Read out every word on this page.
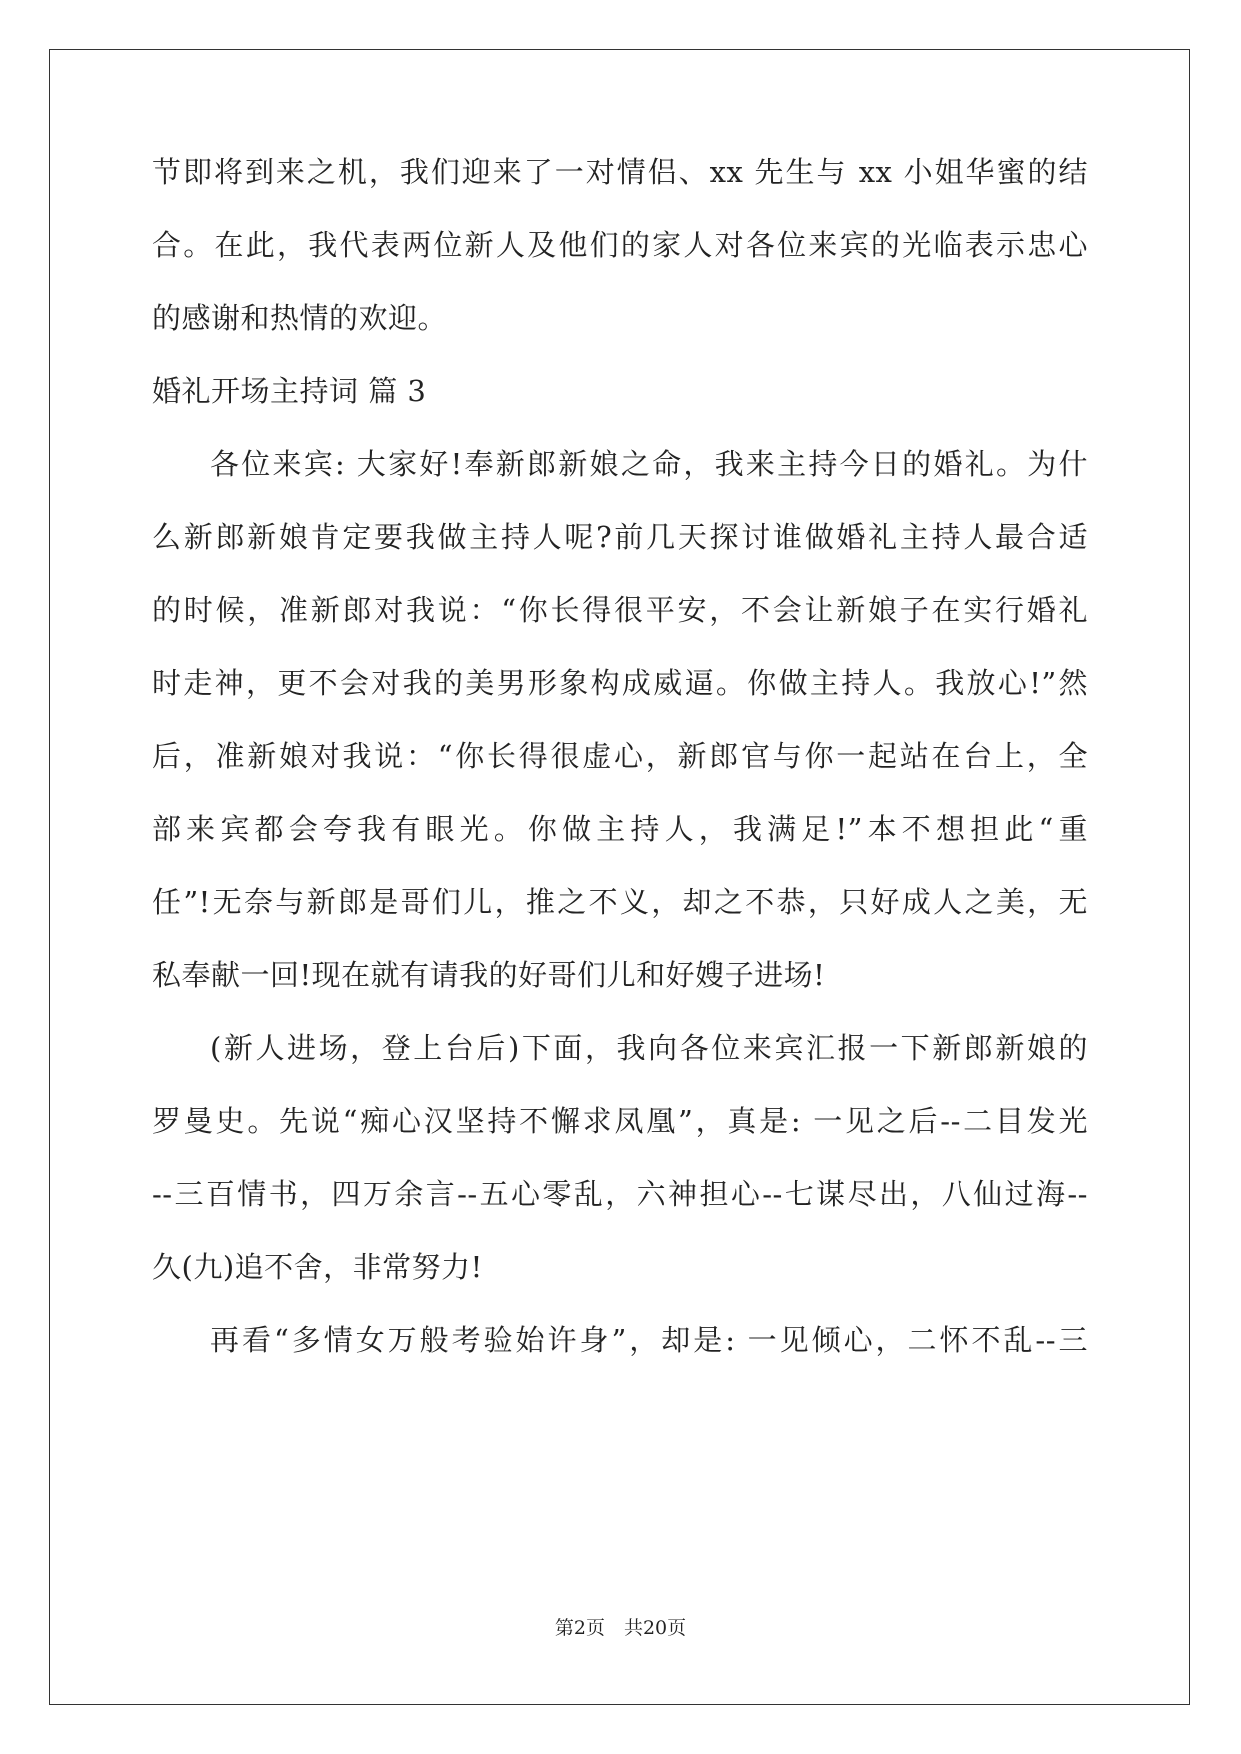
节即将到来之机，我们迎来了一对情侣、xx 先生与 xx 小姐华蜜的结
合。在此，我代表两位新人及他们的家人对各位来宾的光临表示忠心
的感谢和热情的欢迎。
婚礼开场主持词 篇 3
各位来宾: 大家好!奉新郎新娘之命，我来主持今日的婚礼。为什
么新郎新娘肯定要我做主持人呢?前几天探讨谁做婚礼主持人最合适
的时候，准新郎对我说：“你长得很平安，不会让新娘子在实行婚礼
时走神，更不会对我的美男形象构成威逼。你做主持人。我放心!”然
后，准新娘对我说：“你长得很虚心，新郎官与你一起站在台上，全
部来宾都会夸我有眼光。你做主持人，我满足!”本不想担此“重
任”!无奈与新郎是哥们儿，推之不义，却之不恭，只好成人之美，无
私奉献一回!现在就有请我的好哥们儿和好嫂子进场!
(新人进场，登上台后)下面，我向各位来宾汇报一下新郎新娘的
罗曼史。先说“痴心汉坚持不懈求凤凰”，真是: 一见之后--二目发光
--三百情书，四万余言--五心零乱，六神担心--七谋尽出，八仙过海--
久(九)追不舍，非常努力!
再看“多情女万般考验始许身”，却是: 一见倾心，二怀不乱--三
第2页　共20页
